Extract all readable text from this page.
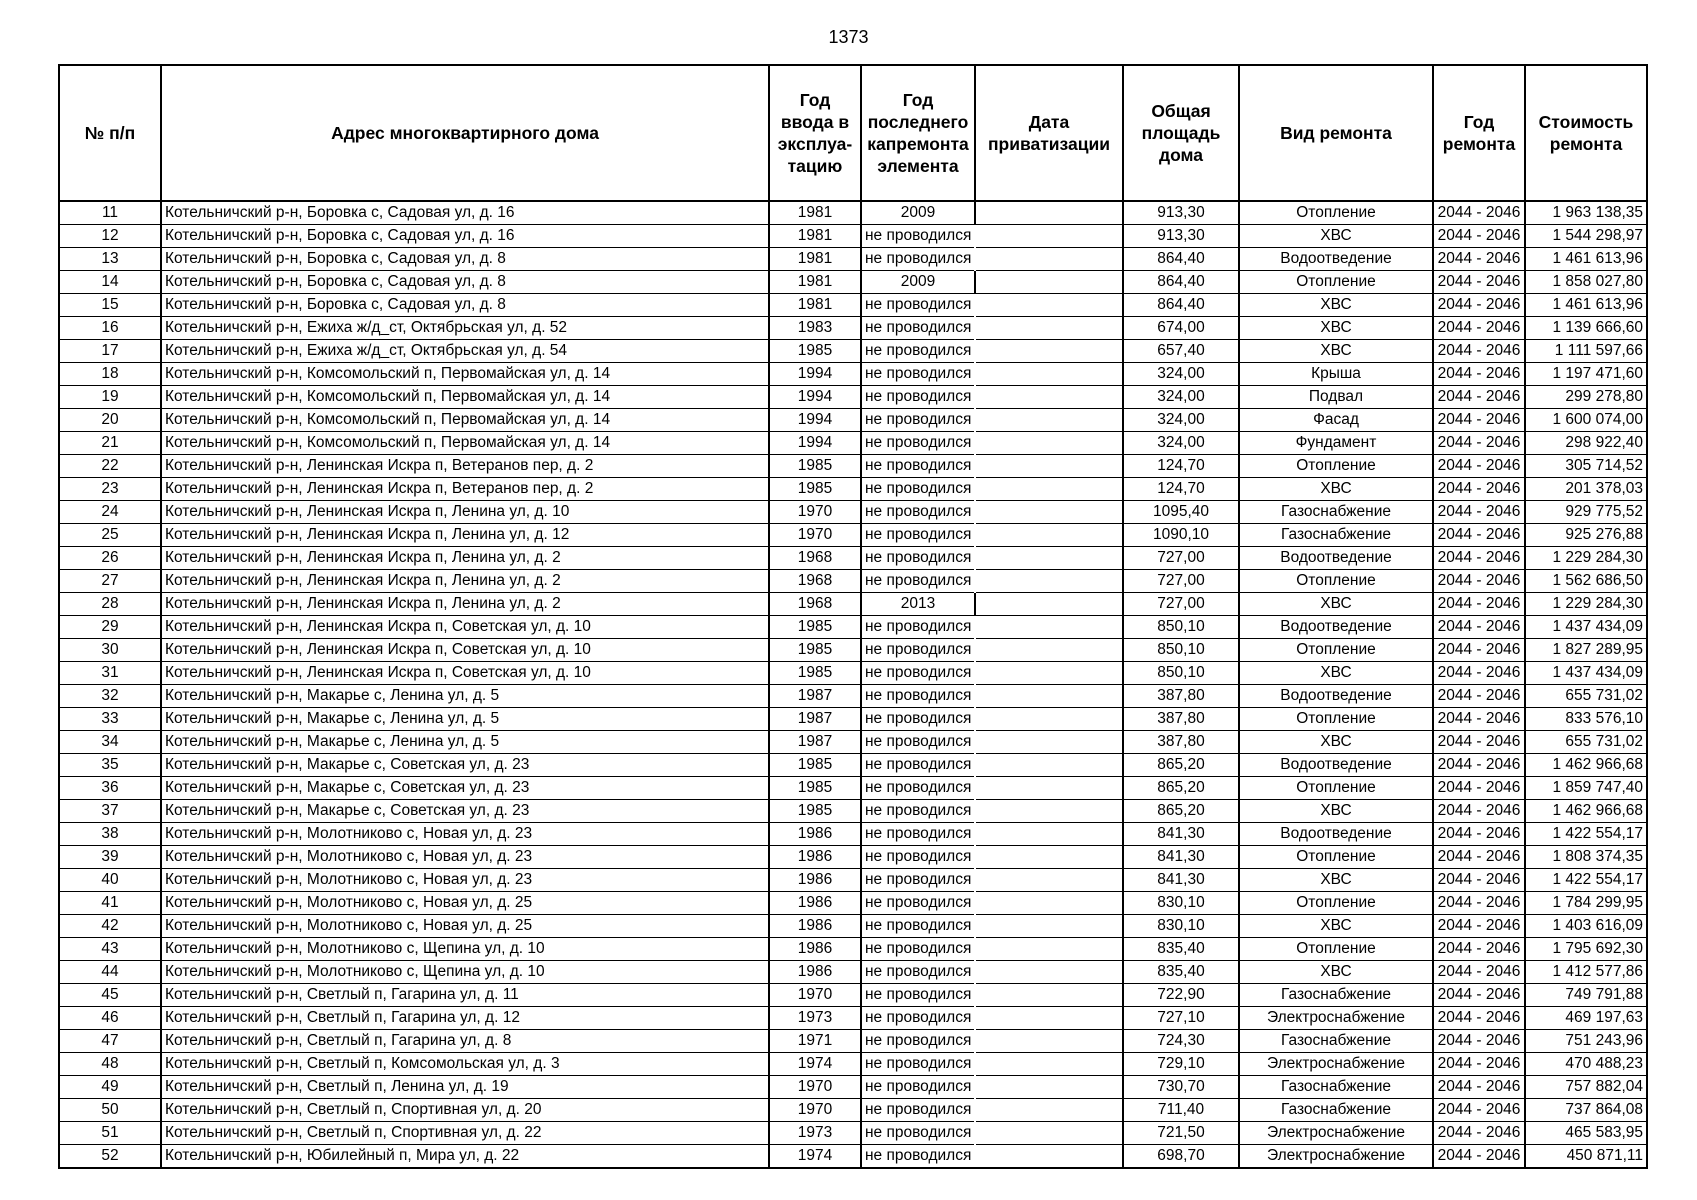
1373
№ п/п	Адрес многоквартирного дома	Год ввода в эксплуа-тацию	Год последнего капремонта элемента	Дата приватизации	Общая площадь дома	Вид ремонта	Год ремонта	Стоимость ремонта
11	Котельничский р-н, Боровка с, Садовая ул, д. 16	1981	2009		913,30	Отопление	2044 - 2046	1 963 138,35
12	Котельничский р-н, Боровка с, Садовая ул, д. 16	1981	не проводился		913,30	ХВС	2044 - 2046	1 544 298,97
13	Котельничский р-н, Боровка с, Садовая ул, д. 8	1981	не проводился		864,40	Водоотведение	2044 - 2046	1 461 613,96
14	Котельничский р-н, Боровка с, Садовая ул, д. 8	1981	2009		864,40	Отопление	2044 - 2046	1 858 027,80
15	Котельничский р-н, Боровка с, Садовая ул, д. 8	1981	не проводился		864,40	ХВС	2044 - 2046	1 461 613,96
16	Котельничский р-н, Ежиха ж/д_ст, Октябрьская ул, д. 52	1983	не проводился		674,00	ХВС	2044 - 2046	1 139 666,60
17	Котельничский р-н, Ежиха ж/д_ст, Октябрьская ул, д. 54	1985	не проводился		657,40	ХВС	2044 - 2046	1 111 597,66
18	Котельничский р-н, Комсомольский п, Первомайская ул, д. 14	1994	не проводился		324,00	Крыша	2044 - 2046	1 197 471,60
19	Котельничский р-н, Комсомольский п, Первомайская ул, д. 14	1994	не проводился		324,00	Подвал	2044 - 2046	299 278,80
20	Котельничский р-н, Комсомольский п, Первомайская ул, д. 14	1994	не проводился		324,00	Фасад	2044 - 2046	1 600 074,00
21	Котельничский р-н, Комсомольский п, Первомайская ул, д. 14	1994	не проводился		324,00	Фундамент	2044 - 2046	298 922,40
22	Котельничский р-н, Ленинская Искра п, Ветеранов пер, д. 2	1985	не проводился		124,70	Отопление	2044 - 2046	305 714,52
23	Котельничский р-н, Ленинская Искра п, Ветеранов пер, д. 2	1985	не проводился		124,70	ХВС	2044 - 2046	201 378,03
24	Котельничский р-н, Ленинская Искра п, Ленина ул, д. 10	1970	не проводился		1095,40	Газоснабжение	2044 - 2046	929 775,52
25	Котельничский р-н, Ленинская Искра п, Ленина ул, д. 12	1970	не проводился		1090,10	Газоснабжение	2044 - 2046	925 276,88
26	Котельничский р-н, Ленинская Искра п, Ленина ул, д. 2	1968	не проводился		727,00	Водоотведение	2044 - 2046	1 229 284,30
27	Котельничский р-н, Ленинская Искра п, Ленина ул, д. 2	1968	не проводился		727,00	Отопление	2044 - 2046	1 562 686,50
28	Котельничский р-н, Ленинская Искра п, Ленина ул, д. 2	1968	2013		727,00	ХВС	2044 - 2046	1 229 284,30
29	Котельничский р-н, Ленинская Искра п, Советская ул, д. 10	1985	не проводился		850,10	Водоотведение	2044 - 2046	1 437 434,09
30	Котельничский р-н, Ленинская Искра п, Советская ул, д. 10	1985	не проводился		850,10	Отопление	2044 - 2046	1 827 289,95
31	Котельничский р-н, Ленинская Искра п, Советская ул, д. 10	1985	не проводился		850,10	ХВС	2044 - 2046	1 437 434,09
32	Котельничский р-н, Макарье с, Ленина ул, д. 5	1987	не проводился		387,80	Водоотведение	2044 - 2046	655 731,02
33	Котельничский р-н, Макарье с, Ленина ул, д. 5	1987	не проводился		387,80	Отопление	2044 - 2046	833 576,10
34	Котельничский р-н, Макарье с, Ленина ул, д. 5	1987	не проводился		387,80	ХВС	2044 - 2046	655 731,02
35	Котельничский р-н, Макарье с, Советская ул, д. 23	1985	не проводился		865,20	Водоотведение	2044 - 2046	1 462 966,68
36	Котельничский р-н, Макарье с, Советская ул, д. 23	1985	не проводился		865,20	Отопление	2044 - 2046	1 859 747,40
37	Котельничский р-н, Макарье с, Советская ул, д. 23	1985	не проводился		865,20	ХВС	2044 - 2046	1 462 966,68
38	Котельничский р-н, Молотниково с, Новая ул, д. 23	1986	не проводился		841,30	Водоотведение	2044 - 2046	1 422 554,17
39	Котельничский р-н, Молотниково с, Новая ул, д. 23	1986	не проводился		841,30	Отопление	2044 - 2046	1 808 374,35
40	Котельничский р-н, Молотниково с, Новая ул, д. 23	1986	не проводился		841,30	ХВС	2044 - 2046	1 422 554,17
41	Котельничский р-н, Молотниково с, Новая ул, д. 25	1986	не проводился		830,10	Отопление	2044 - 2046	1 784 299,95
42	Котельничский р-н, Молотниково с, Новая ул, д. 25	1986	не проводился		830,10	ХВС	2044 - 2046	1 403 616,09
43	Котельничский р-н, Молотниково с, Щепина ул, д. 10	1986	не проводился		835,40	Отопление	2044 - 2046	1 795 692,30
44	Котельничский р-н, Молотниково с, Щепина ул, д. 10	1986	не проводился		835,40	ХВС	2044 - 2046	1 412 577,86
45	Котельничский р-н, Светлый п, Гагарина ул, д. 11	1970	не проводился		722,90	Газоснабжение	2044 - 2046	749 791,88
46	Котельничский р-н, Светлый п, Гагарина ул, д. 12	1973	не проводился		727,10	Электроснабжение	2044 - 2046	469 197,63
47	Котельничский р-н, Светлый п, Гагарина ул, д. 8	1971	не проводился		724,30	Газоснабжение	2044 - 2046	751 243,96
48	Котельничский р-н, Светлый п, Комсомольская ул, д. 3	1974	не проводился		729,10	Электроснабжение	2044 - 2046	470 488,23
49	Котельничский р-н, Светлый п, Ленина ул, д. 19	1970	не проводился		730,70	Газоснабжение	2044 - 2046	757 882,04
50	Котельничский р-н, Светлый п, Спортивная ул, д. 20	1970	не проводился		711,40	Газоснабжение	2044 - 2046	737 864,08
51	Котельничский р-н, Светлый п, Спортивная ул, д. 22	1973	не проводился		721,50	Электроснабжение	2044 - 2046	465 583,95
52	Котельничский р-н, Юбилейный п, Мира ул, д. 22	1974	не проводился		698,70	Электроснабжение	2044 - 2046	450 871,11
